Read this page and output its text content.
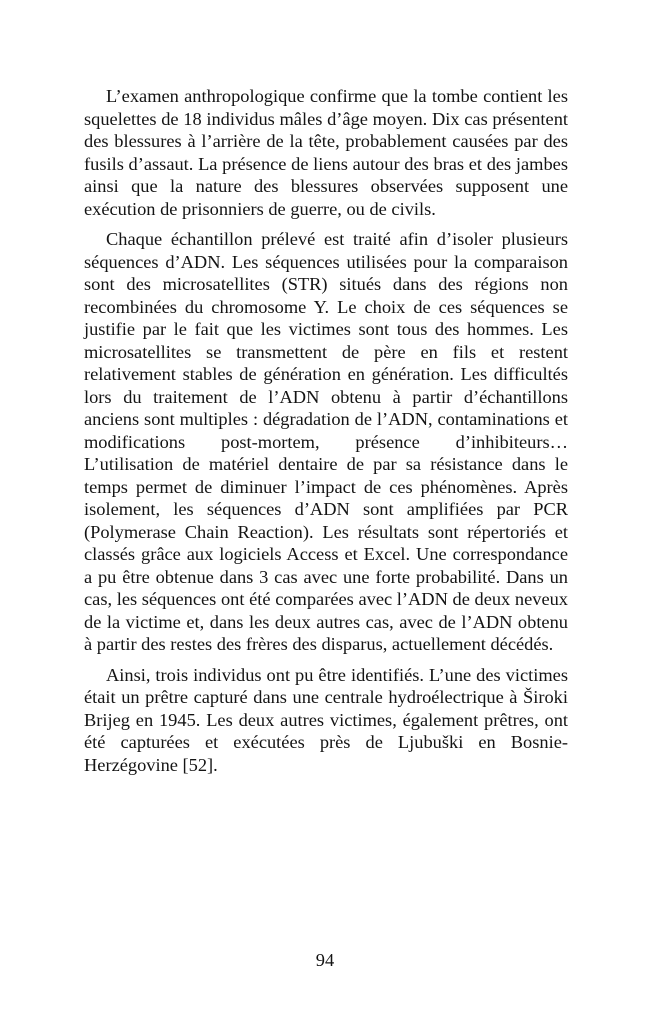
L’examen anthropologique confirme que la tombe contient les squelettes de 18 individus mâles d’âge moyen. Dix cas présentent des blessures à l’arrière de la tête, probablement causées par des fusils d’assaut. La présence de liens autour des bras et des jambes ainsi que la nature des blessures observées supposent une exécution de prisonniers de guerre, ou de civils.

Chaque échantillon prélevé est traité afin d’isoler plusieurs séquences d’ADN. Les séquences utilisées pour la comparaison sont des microsatellites (STR) situés dans des régions non recombinées du chromosome Y. Le choix de ces séquences se justifie par le fait que les victimes sont tous des hommes. Les microsatellites se transmettent de père en fils et restent relativement stables de génération en génération. Les difficultés lors du traitement de l’ADN obtenu à partir d’échantillons anciens sont multiples : dégradation de l’ADN, contaminations et modifications post-mortem, présence d’inhibiteurs… L’utilisation de matériel dentaire de par sa résistance dans le temps permet de diminuer l’impact de ces phénomènes. Après isolement, les séquences d’ADN sont amplifiées par PCR (Polymerase Chain Reaction). Les résultats sont répertoriés et classés grâce aux logiciels Access et Excel. Une correspondance a pu être obtenue dans 3 cas avec une forte probabilité. Dans un cas, les séquences ont été comparées avec l’ADN de deux neveux de la victime et, dans les deux autres cas, avec de l’ADN obtenu à partir des restes des frères des disparus, actuellement décédés.

Ainsi, trois individus ont pu être identifiés. L’une des victimes était un prêtre capturé dans une centrale hydroélectrique à Široki Brijeg en 1945. Les deux autres victimes, également prêtres, ont été capturées et exécutées près de Ljubuški en Bosnie-Herzégovine [52].

94
